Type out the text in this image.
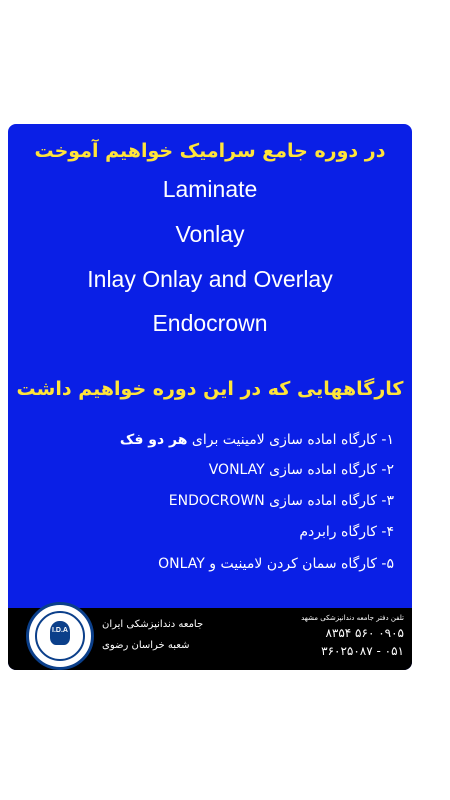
در دوره جامع سرامیک خواهیم آموخت
Laminate
Vonlay
Inlay Onlay and Overlay
Endocrown
کارگاههایی که در این دوره خواهیم داشت
۱- کارگاه اماده سازی لامینیت برای هر دو فک
۲- کارگاه اماده سازی VONLAY
۳- کارگاه اماده سازی ENDOCROWN
۴- کارگاه رابردم
۵- کارگاه سمان کردن لامینیت و ONLAY
I.D.A
جامعه دندانپزشکی ایران
شعبه خراسان رضوی
تلفن دفتر جامعه دندانپزشکی مشهد
۰۹۰۵ ۵۶۰ ۸۳۵۴
۰۵۱ - ۳۶۰۲۵۰۸۷
